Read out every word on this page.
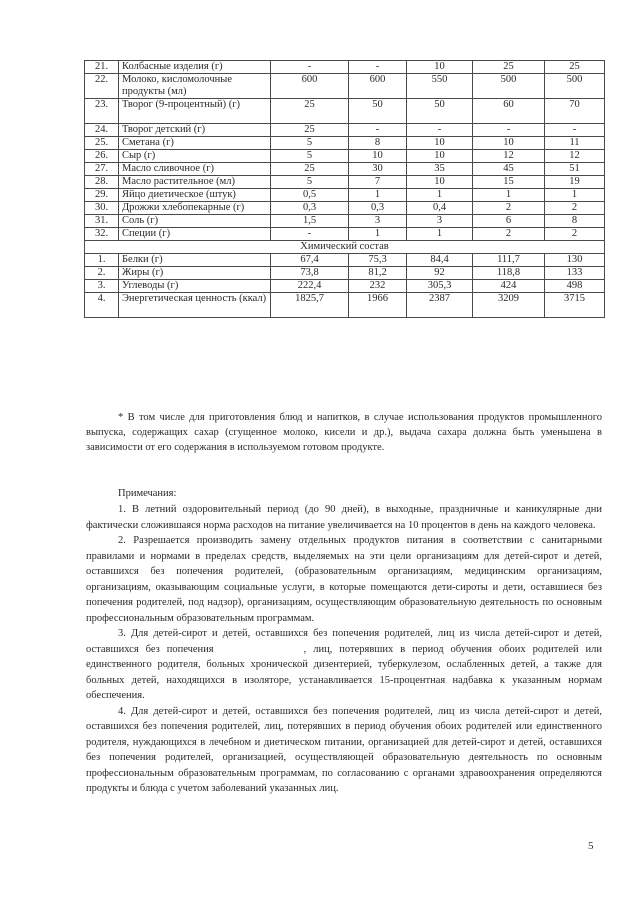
21.	Колбасные изделия (г)	-	-	10	25	25
22.	Молоко, кисломолочные продукты (мл)	600	600	550	500	500
23.	Творог (9-процентный) (г)	25	50	50	60	70
24.	Творог детский (г)	25	-	-	-	-
25.	Сметана (г)	5	8	10	10	11
26.	Сыр (г)	5	10	10	12	12
27.	Масло сливочное (г)	25	30	35	45	51
28.	Масло растительное (мл)	5	7	10	15	19
29.	Яйцо диетическое (штук)	0,5	1	1	1	1
30.	Дрожжи хлебопекарные (г)	0,3	0,3	0,4	2	2
31.	Соль (г)	1,5	3	3	6	8
32.	Специи (г)	-	1	1	2	2
Химический состав						
1.	Белки (г)	67,4	75,3	84,4	111,7	130
2.	Жиры (г)	73,8	81,2	92	118,8	133
3.	Углеводы (г)	222,4	232	305,3	424	498
4.	Энергетическая ценность (ккал)	1825,7	1966	2387	3209	3715

* В том числе для приготовления блюд и напитков, в случае использования продуктов промышленного выпуска, содержащих сахар (сгущенное молоко, кисели и др.), выдача сахара должна быть уменьшена в зависимости от его содержания в используемом готовом продукте.

Примечания:

1. В летний оздоровительный период (до 90 дней), в выходные, праздничные и каникулярные дни фактически сложившаяся норма расходов на питание увеличивается на 10 процентов в день на каждого человека.

2. Разрешается производить замену отдельных продуктов питания в соответствии с санитарными правилами и нормами в пределах средств, выделяемых на эти цели организациям для детей-сирот и детей, оставшихся без попечения родителей, (образовательным организациям, медицинским организациям, организациям, оказывающим социальные услуги, в которые помещаются дети-сироты и дети, оставшиеся без попечения родителей, под надзор), организациям, осуществляющим образовательную деятельность по основным профессиональным образовательным программам.

3. Для детей-сирот и детей, оставшихся без попечения родителей, лиц из числа детей-сирот и детей, оставшихся без попечения	, лиц, потерявших в период обучения обоих родителей или единственного родителя, больных хронической дизентерией, туберкулезом, ослабленных детей, а также для больных детей, находящихся в изоляторе, устанавливается 15-процентная надбавка к указанным нормам обеспечения.

4. Для детей-сирот и детей, оставшихся без попечения родителей, лиц из числа детей-сирот и детей, оставшихся без попечения родителей, лиц, потерявших в период обучения обоих родителей или единственного родителя, нуждающихся в лечебном и диетическом питании, организацией для детей-сирот и детей, оставшихся без попечения родителей, организацией, осуществляющей образовательную деятельность по основным профессиональным образовательным программам, по согласованию с органами здравоохранения определяются продукты и блюда с учетом заболеваний указанных лиц.

5
